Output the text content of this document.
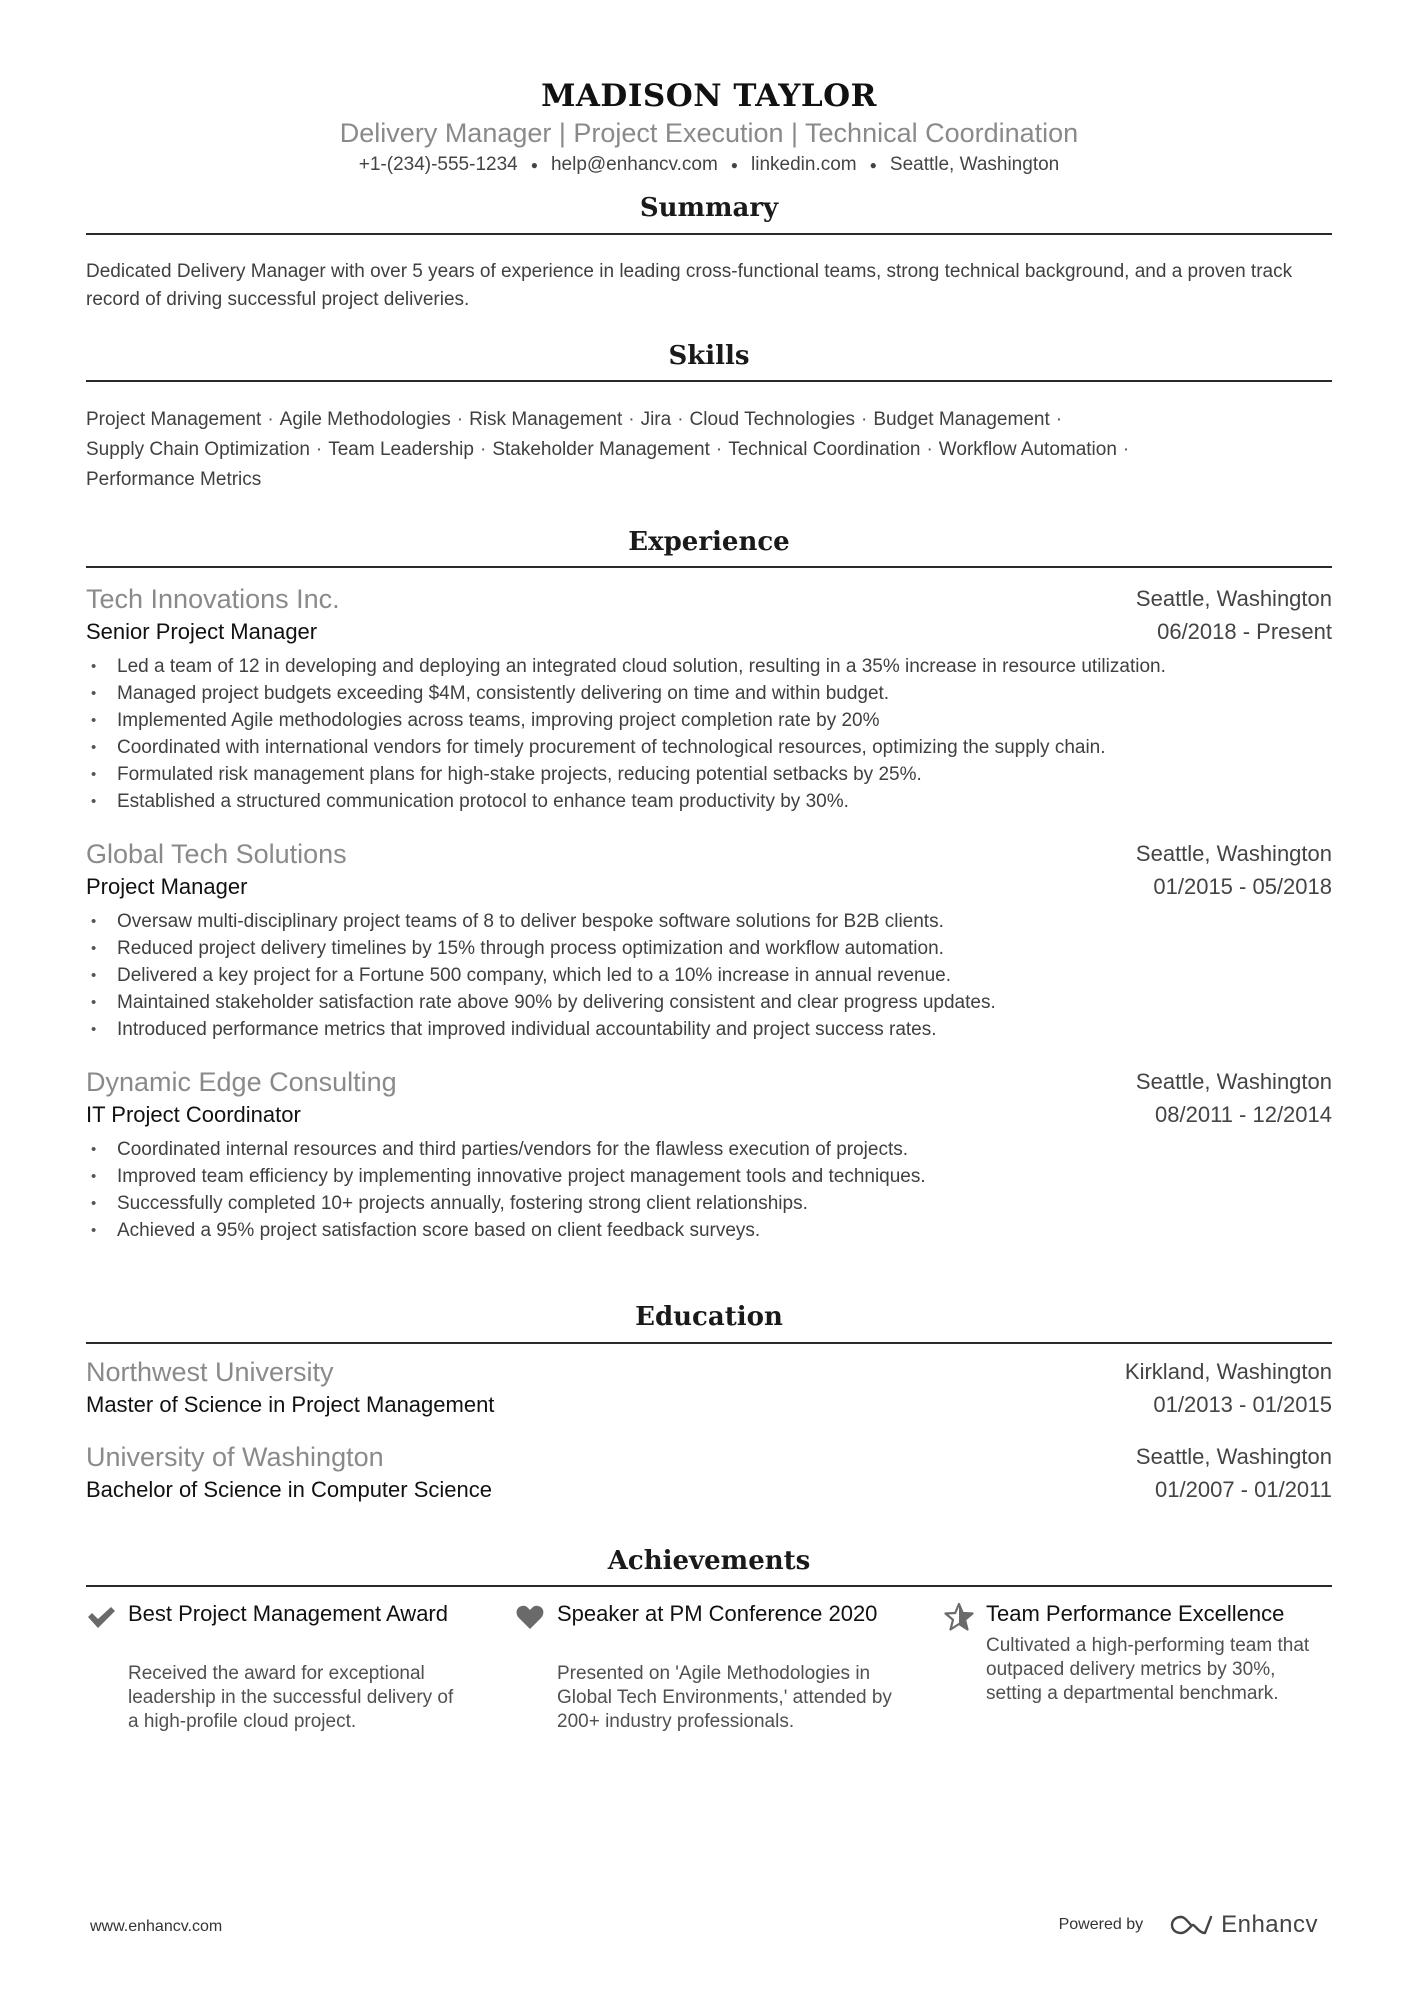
MADISON TAYLOR
Delivery Manager | Project Execution | Technical Coordination
+1-(234)-555-1234 ● help@enhancv.com ● linkedin.com ● Seattle, Washington
Summary
Dedicated Delivery Manager with over 5 years of experience in leading cross-functional teams, strong technical background, and a proven track record of driving successful project deliveries.
Skills
Project Management · Agile Methodologies · Risk Management · Jira · Cloud Technologies · Budget Management ·
Supply Chain Optimization · Team Leadership · Stakeholder Management · Technical Coordination · Workflow Automation ·
Performance Metrics
Experience
Tech Innovations Inc.	Seattle, Washington
Senior Project Manager	06/2018 - Present
• Led a team of 12 in developing and deploying an integrated cloud solution, resulting in a 35% increase in resource utilization.
• Managed project budgets exceeding $4M, consistently delivering on time and within budget.
• Implemented Agile methodologies across teams, improving project completion rate by 20%
• Coordinated with international vendors for timely procurement of technological resources, optimizing the supply chain.
• Formulated risk management plans for high-stake projects, reducing potential setbacks by 25%.
• Established a structured communication protocol to enhance team productivity by 30%.
Global Tech Solutions	Seattle, Washington
Project Manager	01/2015 - 05/2018
• Oversaw multi-disciplinary project teams of 8 to deliver bespoke software solutions for B2B clients.
• Reduced project delivery timelines by 15% through process optimization and workflow automation.
• Delivered a key project for a Fortune 500 company, which led to a 10% increase in annual revenue.
• Maintained stakeholder satisfaction rate above 90% by delivering consistent and clear progress updates.
• Introduced performance metrics that improved individual accountability and project success rates.
Dynamic Edge Consulting	Seattle, Washington
IT Project Coordinator	08/2011 - 12/2014
• Coordinated internal resources and third parties/vendors for the flawless execution of projects.
• Improved team efficiency by implementing innovative project management tools and techniques.
• Successfully completed 10+ projects annually, fostering strong client relationships.
• Achieved a 95% project satisfaction score based on client feedback surveys.
Education
Northwest University	Kirkland, Washington
Master of Science in Project Management	01/2013 - 01/2015
University of Washington	Seattle, Washington
Bachelor of Science in Computer Science	01/2007 - 01/2011
Achievements
Best Project Management Award
Received the award for exceptional leadership in the successful delivery of a high-profile cloud project.
Speaker at PM Conference 2020
Presented on 'Agile Methodologies in Global Tech Environments,' attended by 200+ industry professionals.
Team Performance Excellence
Cultivated a high-performing team that outpaced delivery metrics by 30%, setting a departmental benchmark.
www.enhancv.com	Powered by	Enhancv
